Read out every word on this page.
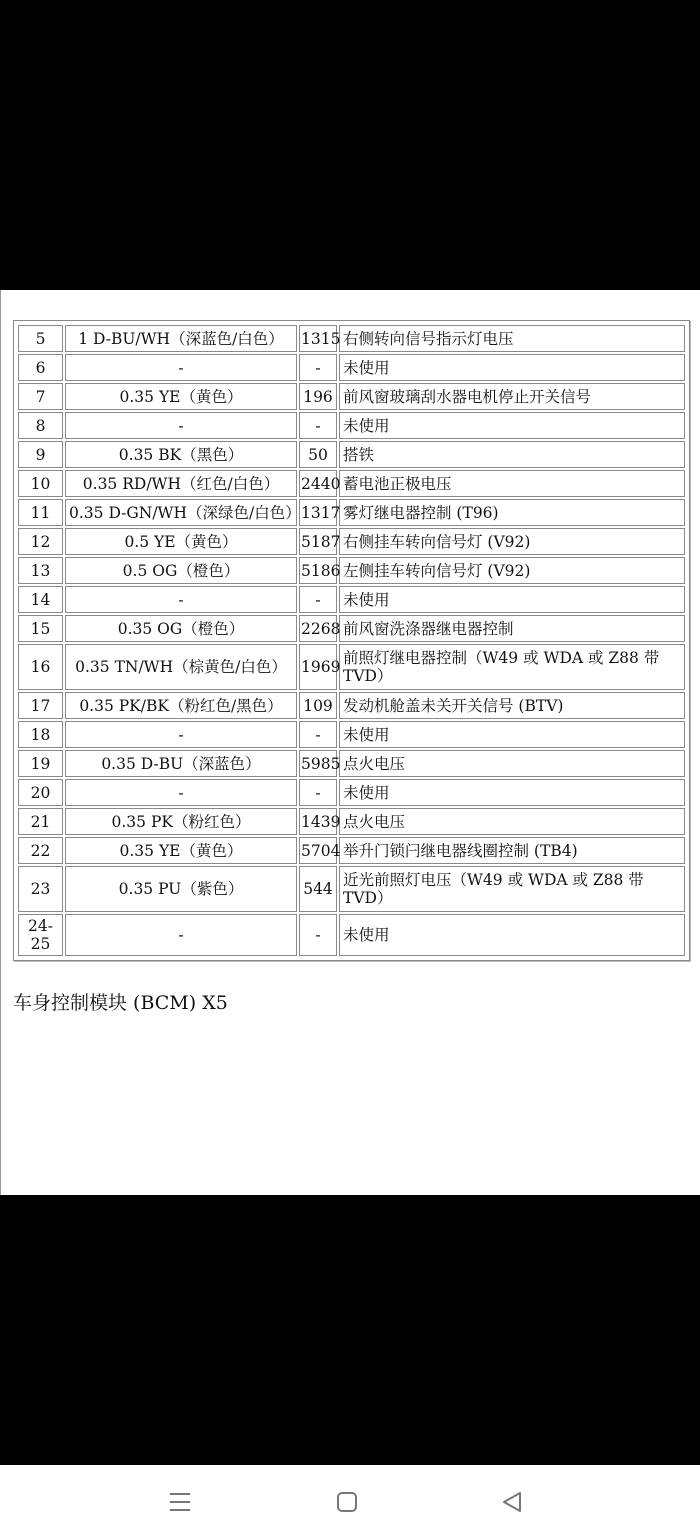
5	1 D-BU/WH（深蓝色/白色）	1315	右侧转向信号指示灯电压
6	-	-	未使用
7	0.35 YE（黄色）	196	前风窗玻璃刮水器电机停止开关信号
8	-	-	未使用
9	0.35 BK（黑色）	50	搭铁
10	0.35 RD/WH（红色/白色）	2440	蓄电池正极电压
11	0.35 D-GN/WH（深绿色/白色）	1317	雾灯继电器控制 (T96)
12	0.5 YE（黄色）	5187	右侧挂车转向信号灯 (V92)
13	0.5 OG（橙色）	5186	左侧挂车转向信号灯 (V92)
14	-	-	未使用
15	0.35 OG（橙色）	2268	前风窗洗涤器继电器控制
16	0.35 TN/WH（棕黄色/白色）	1969	前照灯继电器控制（W49 或 WDA 或 Z88 带 TVD）
17	0.35 PK/BK（粉红色/黑色）	109	发动机舱盖未关开关信号 (BTV)
18	-	-	未使用
19	0.35 D-BU（深蓝色）	5985	点火电压
20	-	-	未使用
21	0.35 PK（粉红色）	1439	点火电压
22	0.35 YE（黄色）	5704	举升门锁闩继电器线圈控制 (TB4)
23	0.35 PU（紫色）	544	近光前照灯电压（W49 或 WDA 或 Z88 带 TVD）
24-25	-	-	未使用
车身控制模块 (BCM) X5
